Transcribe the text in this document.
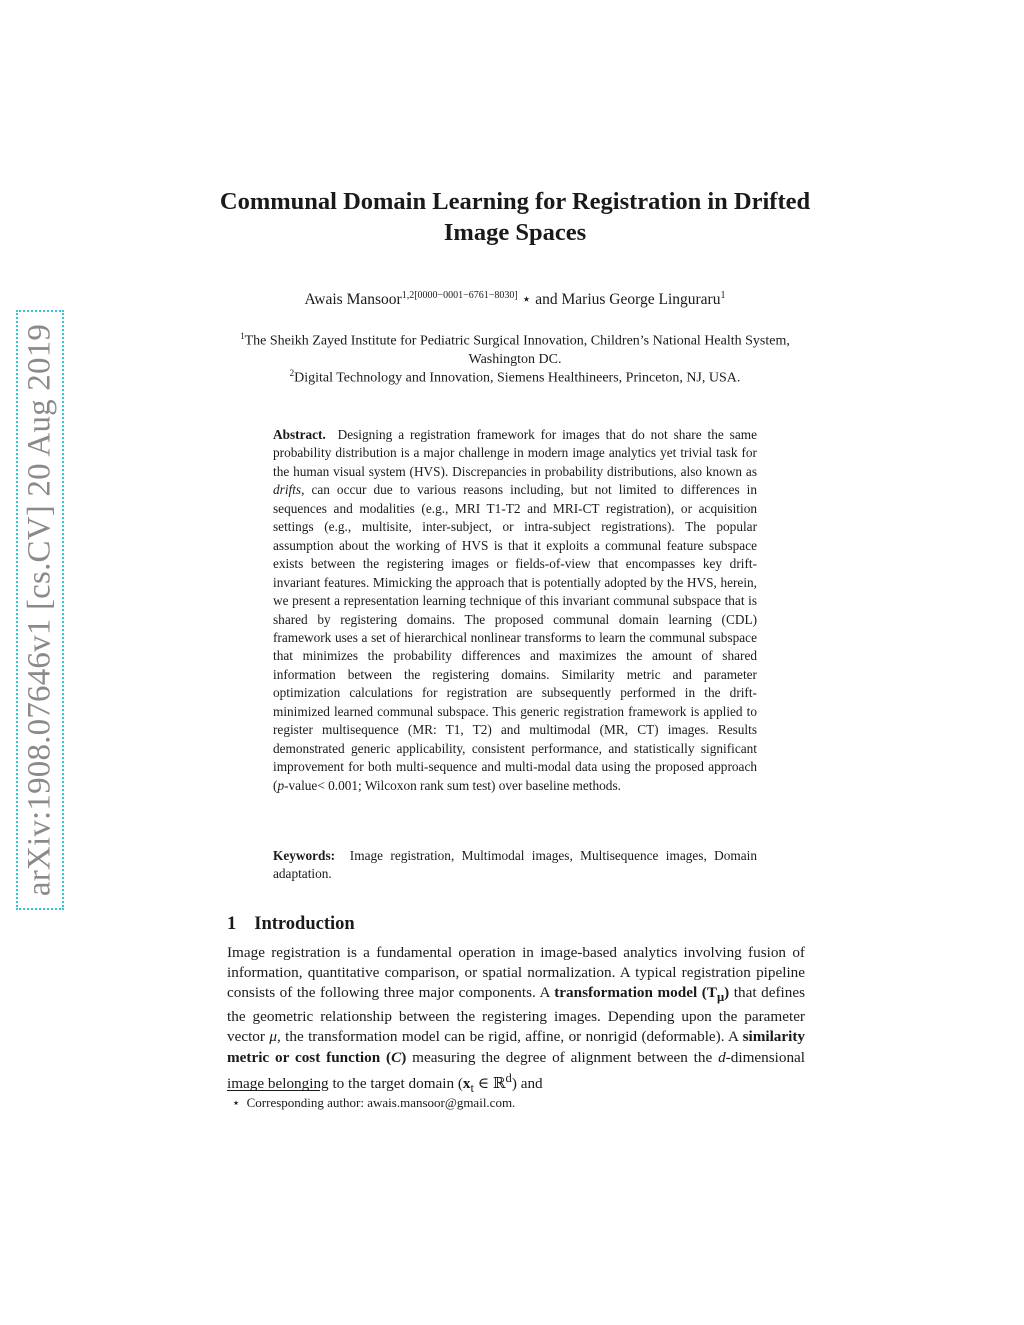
arXiv:1908.07646v1 [cs.CV] 20 Aug 2019
Communal Domain Learning for Registration in Drifted Image Spaces
Awais Mansoor$^{1,2[0000-0001-6761-8030]}$ ⋆ and Marius George Linguraru$^1$
$^1$The Sheikh Zayed Institute for Pediatric Surgical Innovation, Children’s National Health System, Washington DC.
$^2$Digital Technology and Innovation, Siemens Healthineers, Princeton, NJ, USA.

Abstract. Designing a registration framework for images that do not share the same probability distribution is a major challenge in modern image analytics yet trivial task for the human visual system (HVS). Discrepancies in probability distributions, also known as drifts, can occur due to various reasons including, but not limited to differences in sequences and modalities (e.g., MRI T1-T2 and MRI-CT registration), or acquisition settings (e.g., multisite, inter-subject, or intra-subject registrations). The popular assumption about the working of HVS is that it exploits a communal feature subspace exists between the registering images or fields-of-view that encompasses key drift-invariant features. Mimicking the approach that is potentially adopted by the HVS, herein, we present a representation learning technique of this invariant communal subspace that is shared by registering domains. The proposed communal domain learning (CDL) framework uses a set of hierarchical nonlinear transforms to learn the communal subspace that minimizes the probability differences and maximizes the amount of shared information between the registering domains. Similarity metric and parameter optimization calculations for registration are subsequently performed in the drift-minimized learned communal subspace. This generic registration framework is applied to register multisequence (MR: T1, T2) and multimodal (MR, CT) images. Results demonstrated generic applicability, consistent performance, and statistically significant improvement for both multi-sequence and multi-modal data using the proposed approach (p-value< 0.001; Wilcoxon rank sum test) over baseline methods.

Keywords: Image registration, Multimodal images, Multisequence images, Domain adaptation.

1 Introduction

Image registration is a fundamental operation in image-based analytics involving fusion of information, quantitative comparison, or spatial normalization. A typical registration pipeline consists of the following three major components. A transformation model $(T_\mu)$ that defines the geometric relationship between the registering images. Depending upon the parameter vector μ, the transformation model can be rigid, affine, or nonrigid (deformable). A similarity metric or cost function (C) measuring the degree of alignment between the d-dimensional image belonging to the target domain ($x_t$ ∈ ℝ$^d$) and

⋆ Corresponding author: awais.mansoor@gmail.com.
